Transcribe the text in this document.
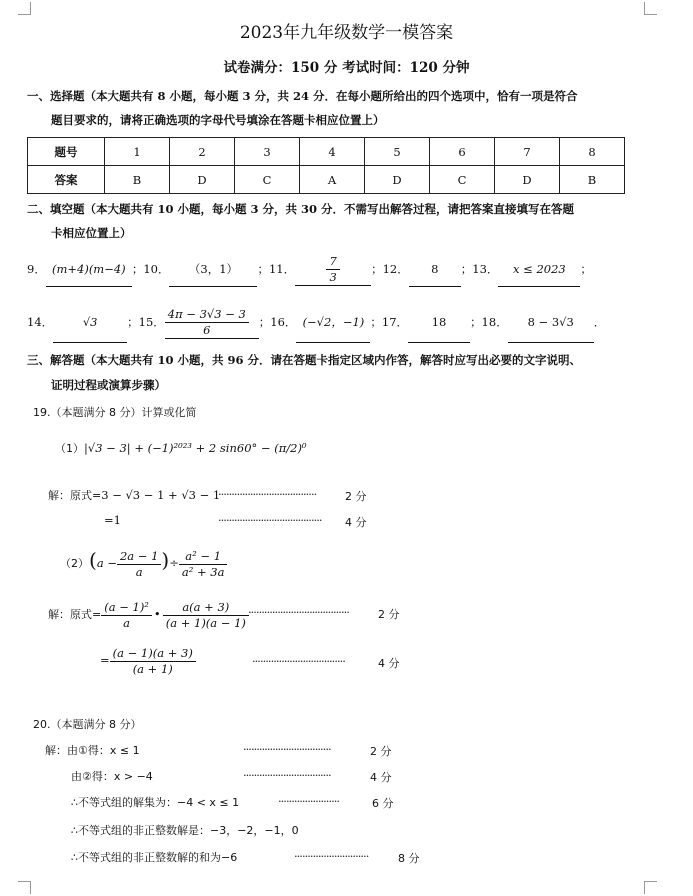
2023年九年级数学一模答案
试卷满分：150 分 考试时间：120 分钟
一、选择题（本大题共有 8 小题，每小题 3 分，共 24 分．在每小题所给出的四个选项中，恰有一项是符合
题目要求的，请将正确选项的字母代号填涂在答题卡相应位置上）
题号	1	2	3	4	5	6	7	8
答案	B	D	C	A	D	C	D	B
二、填空题（本大题共有 10 小题，每小题 3 分，共 30 分．不需写出解答过程，请把答案直接填写在答题
卡相应位置上）
9． (m+4)(m−4) ；10． （3，1） ；11．	$\frac{7}{3}$	；12． 8 ；13． x ≤ 2023 ；
14．	√3	；15． $\frac{4\pi - 3√3 - 3}{6}$ ；16． (−√2，−1) ；17． 18 ；18． 8 − 3√3 ．
三、解答题（本大题共有 10 小题，共 96 分．请在答题卡指定区域内作答，解答时应写出必要的文字说明、
证明过程或演算步骤）
19.（本题满分 8 分）计算或化简
（1）|√3 − 3| + (−1)²⁰²³ + 2 sin60° − (π/2)⁰
解：原式=3 − √3 − 1 + √3 − 1
·····································	2 分
=1	······································· 4 分
$(2)(a - \frac{2a - 1}{a}$ )÷ $\frac{\text{a² − 1}}{\text{a² + 3a}}$
解：原式= $\frac{\text{(a − 1)²}}{a}$ • $\frac{a(a + 3)}{(a + 1)(a - 1)}$ ······································	2 分
= $\frac{(a - 1)(a + 3)}{(a + 1)}$	···································	4 分
20.（本题满分 8 分）
解：由①得：x ≤ 1	·································	2 分
由②得：x > −4	·································	4 分
∴不等式组的解集为：−4 < x ≤ 1	·······················	6 分
∴不等式组的非正整数解是：−3，−2，−1，0
∴不等式组的非正整数解的和为−6	····························	8 分
